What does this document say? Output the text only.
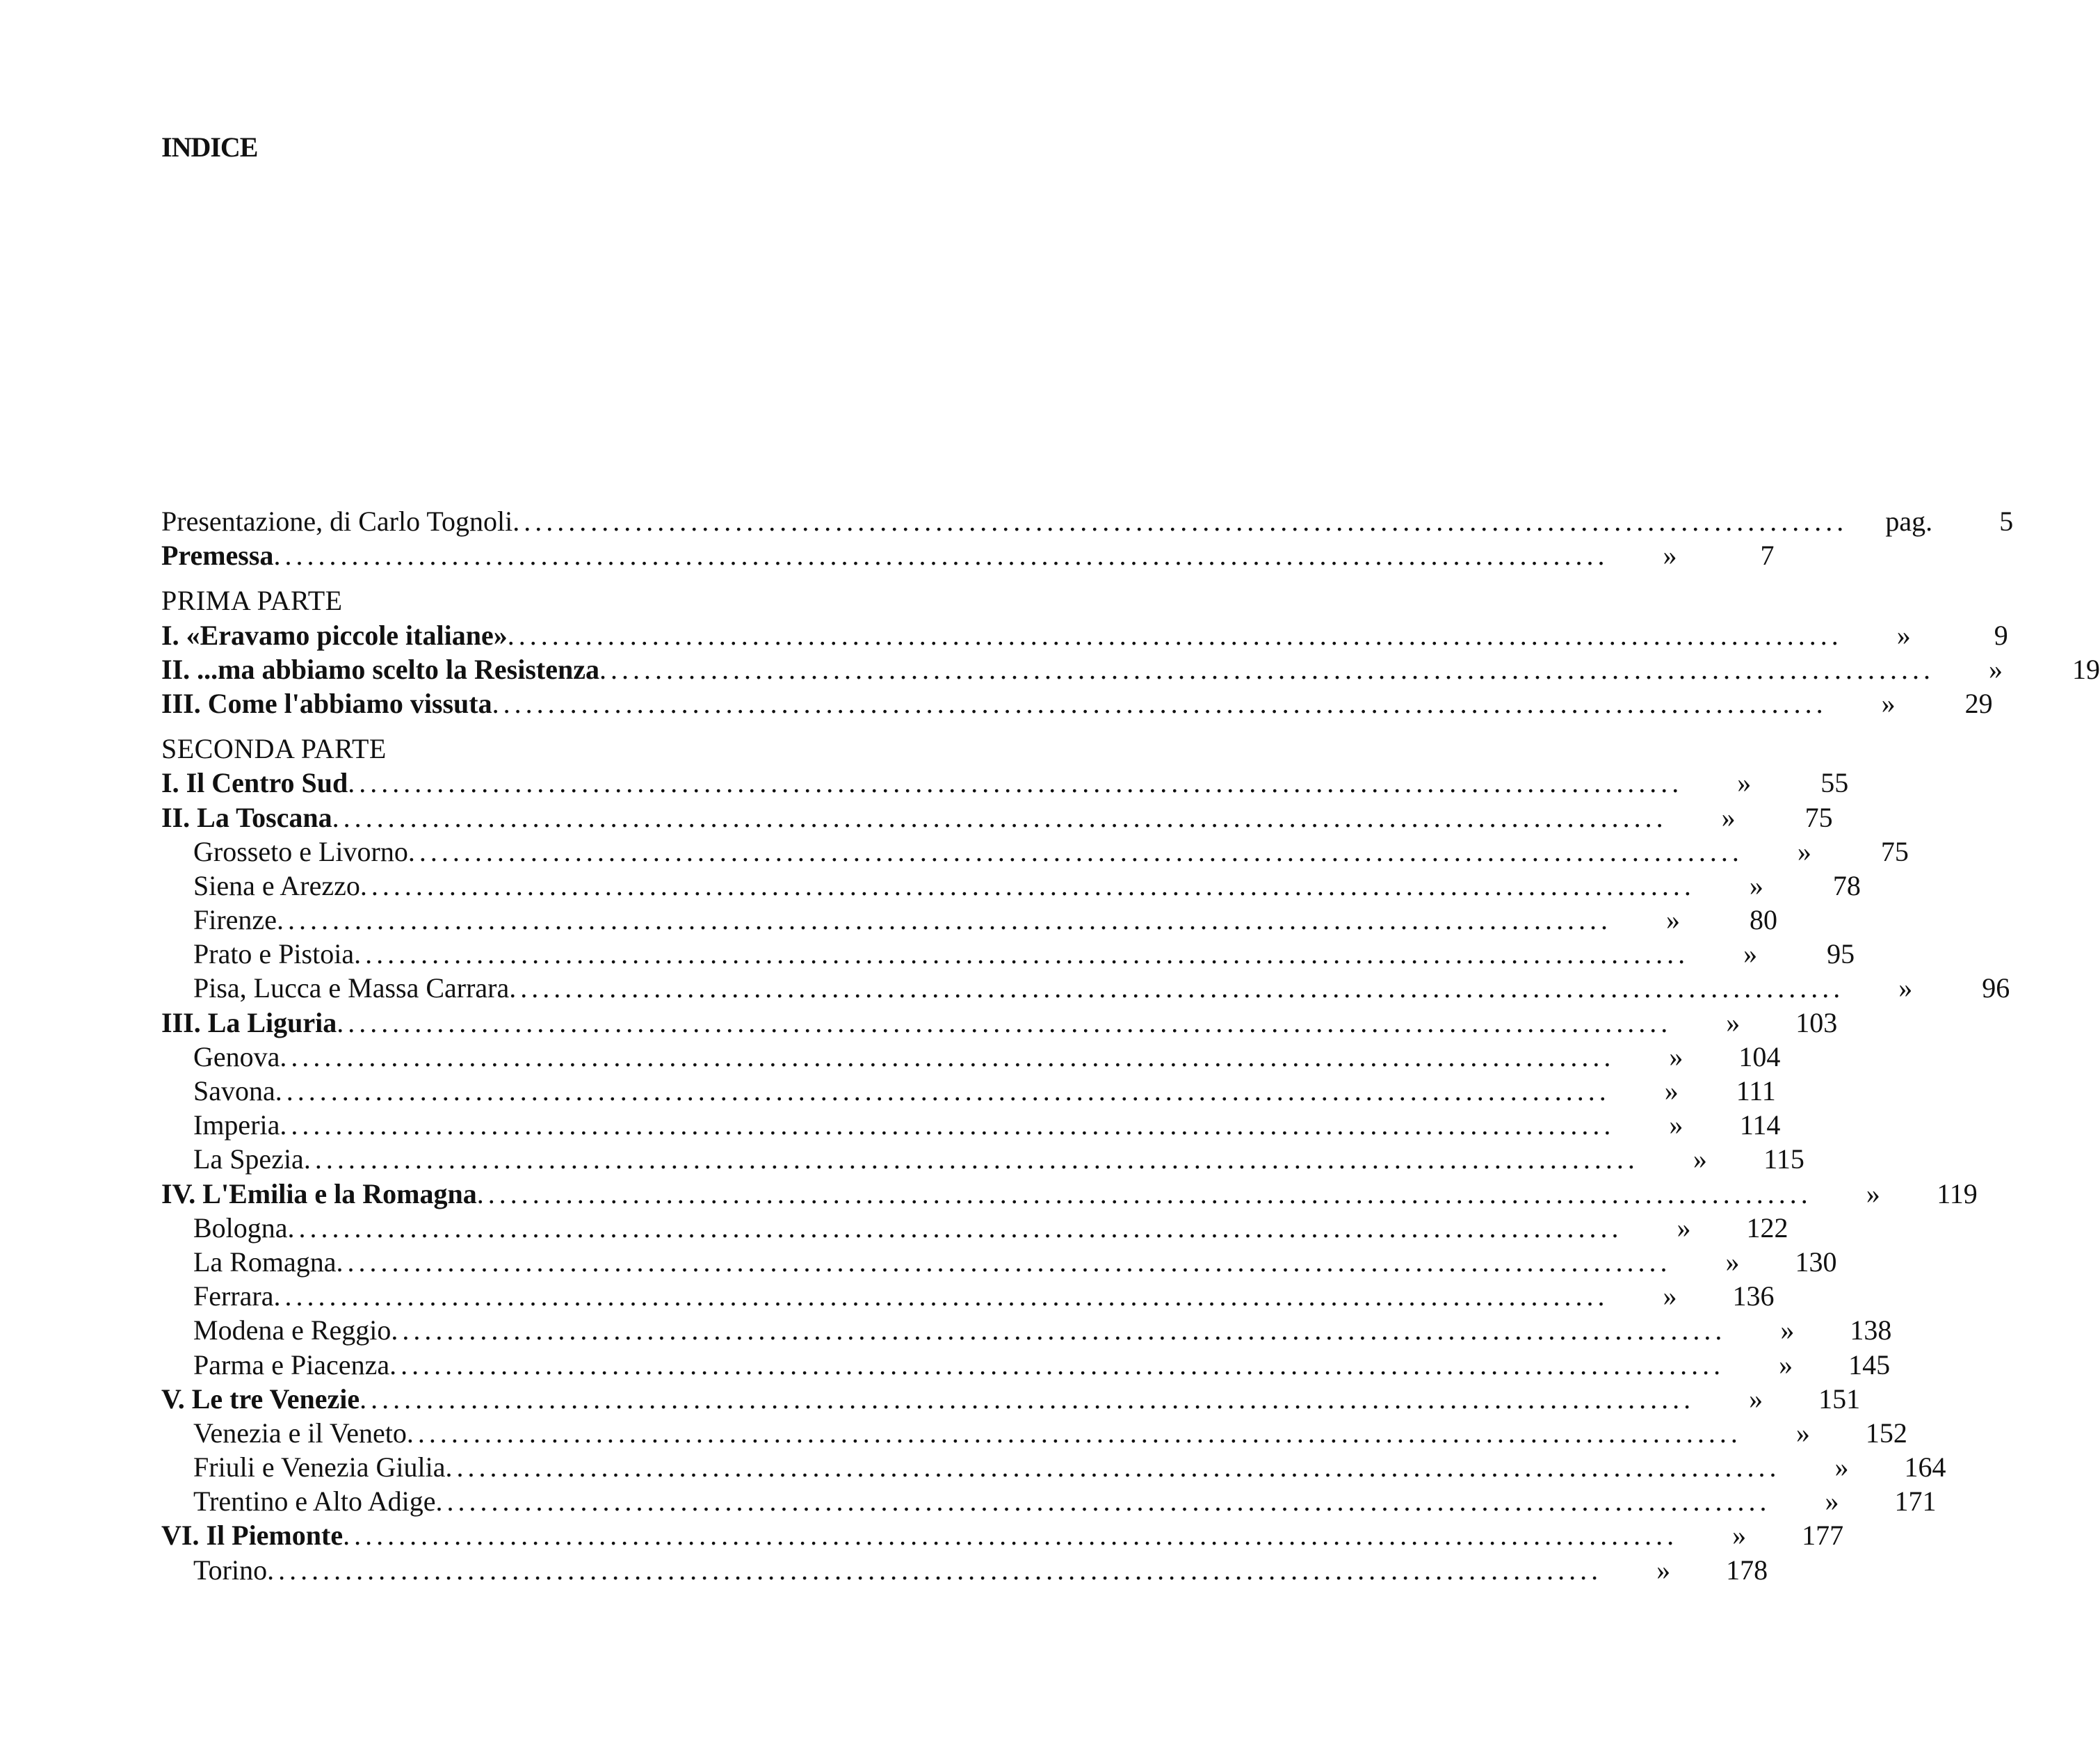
INDICE
Presentazione, di Carlo Tognoli ........................................................................................................................ pag.	5
Premessa ........................................................................................................................	»	7
PRIMA PARTE
I. «Eravamo piccole italiane» ........................................................................................................................	»	9
II. ...ma abbiamo scelto la Resistenza ........................................................................................................................	»	19
III. Come l'abbiamo vissuta ........................................................................................................................	»	29
SECONDA PARTE
I. Il Centro Sud ........................................................................................................................	»	55
II. La Toscana ........................................................................................................................	»	75
Grosseto e Livorno ........................................................................................................................	»	75
Siena e Arezzo ........................................................................................................................	»	78
Firenze ........................................................................................................................	»	80
Prato e Pistoia ........................................................................................................................	»	95
Pisa, Lucca e Massa Carrara ........................................................................................................................	»	96
III. La Liguria ........................................................................................................................	»	103
Genova ........................................................................................................................	»	104
Savona ........................................................................................................................	»	111
Imperia ........................................................................................................................	»	114
La Spezia ........................................................................................................................	»	115
IV. L'Emilia e la Romagna ........................................................................................................................	»	119
Bologna ........................................................................................................................	»	122
La Romagna ........................................................................................................................	»	130
Ferrara ........................................................................................................................	»	136
Modena e Reggio ........................................................................................................................	»	138
Parma e Piacenza ........................................................................................................................	»	145
V. Le tre Venezie ........................................................................................................................	»	151
Venezia e il Veneto ........................................................................................................................	»	152
Friuli e Venezia Giulia ........................................................................................................................	»	164
Trentino e Alto Adige ........................................................................................................................	»	171
VI. Il Piemonte ........................................................................................................................	»	177
Torino ........................................................................................................................	»	178
